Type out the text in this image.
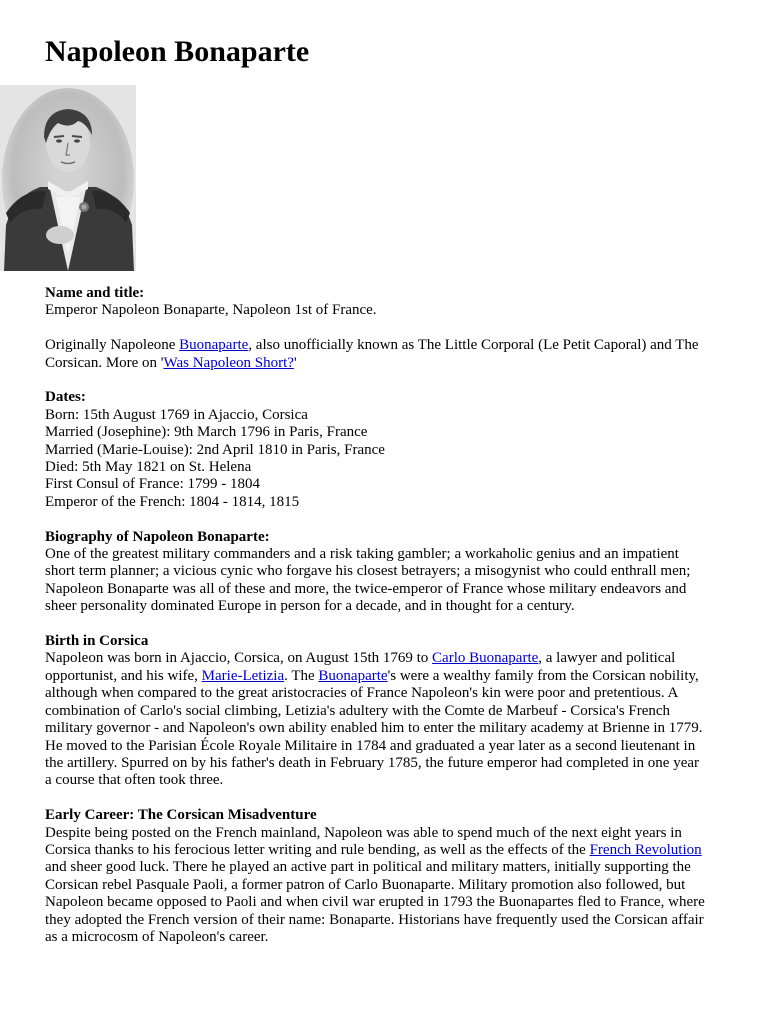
Napoleon Bonaparte

Name and title:
Emperor Napoleon Bonaparte, Napoleon 1st of France.

Originally Napoleone Buonaparte, also unofficially known as The Little Corporal (Le Petit Caporal) and The
Corsican. More on 'Was Napoleon Short?'

Dates:
Born: 15th August 1769 in Ajaccio, Corsica
Married (Josephine): 9th March 1796 in Paris, France
Married (Marie-Louise): 2nd April 1810 in Paris, France
Died: 5th May 1821 on St. Helena
First Consul of France: 1799 - 1804
Emperor of the French: 1804 - 1814, 1815

Biography of Napoleon Bonaparte:
One of the greatest military commanders and a risk taking gambler; a workaholic genius and an impatient
short term planner; a vicious cynic who forgave his closest betrayers; a misogynist who could enthrall men;
Napoleon Bonaparte was all of these and more, the twice-emperor of France whose military endeavors and
sheer personality dominated Europe in person for a decade, and in thought for a century.

Birth in Corsica
Napoleon was born in Ajaccio, Corsica, on August 15th 1769 to Carlo Buonaparte, a lawyer and political
opportunist, and his wife, Marie-Letizia. The Buonaparte's were a wealthy family from the Corsican nobility,
although when compared to the great aristocracies of France Napoleon's kin were poor and pretentious. A
combination of Carlo's social climbing, Letizia's adultery with the Comte de Marbeuf - Corsica's French
military governor - and Napoleon's own ability enabled him to enter the military academy at Brienne in 1779.
He moved to the Parisian École Royale Militaire in 1784 and graduated a year later as a second lieutenant in
the artillery. Spurred on by his father's death in February 1785, the future emperor had completed in one year
a course that often took three.

Early Career: The Corsican Misadventure
Despite being posted on the French mainland, Napoleon was able to spend much of the next eight years in
Corsica thanks to his ferocious letter writing and rule bending, as well as the effects of the French Revolution
and sheer good luck. There he played an active part in political and military matters, initially supporting the
Corsican rebel Pasquale Paoli, a former patron of Carlo Buonaparte. Military promotion also followed, but
Napoleon became opposed to Paoli and when civil war erupted in 1793 the Buonapartes fled to France, where
they adopted the French version of their name: Bonaparte. Historians have frequently used the Corsican affair
as a microcosm of Napoleon's career.
